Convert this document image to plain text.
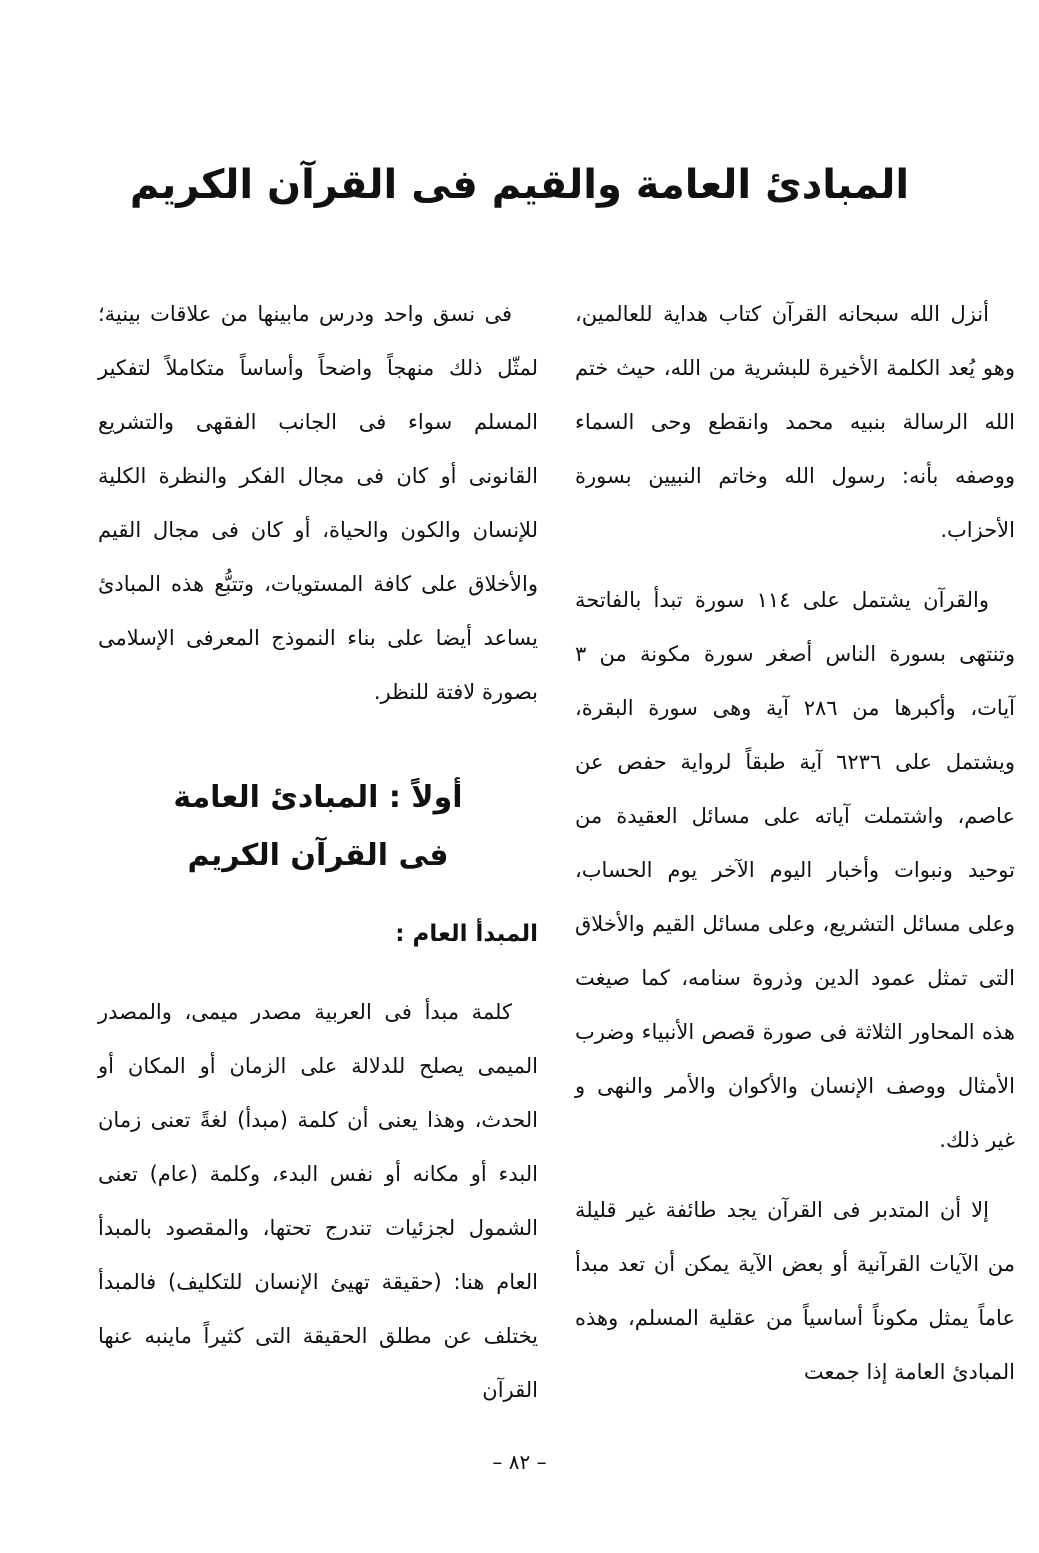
المبادئ العامة والقيم فى القرآن الكريم

أنزل الله سبحانه القرآن كتاب هداية للعالمين، وهو يُعد الكلمة الأخيرة للبشرية من الله، حيث ختم الله الرسالة بنبيه محمد وانقطع وحى السماء ووصفه بأنه: رسول الله وخاتم النبيين بسورة الأحزاب.

والقرآن يشتمل على ١١٤ سورة تبدأ بالفاتحة وتنتهى بسورة الناس أصغر سورة مكونة من ٣ آيات، وأكبرها من ٢٨٦ آية وهى سورة البقرة، ويشتمل على ٦٢٣٦ آية طبقاً لرواية حفص عن عاصم، واشتملت آياته على مسائل العقيدة من توحيد ونبوات وأخبار اليوم الآخر يوم الحساب، وعلى مسائل التشريع، وعلى مسائل القيم والأخلاق التى تمثل عمود الدين وذروة سنامه، كما صيغت هذه المحاور الثلاثة فى صورة قصص الأنبياء وضرب الأمثال ووصف الإنسان والأكوان والأمر والنهى و غير ذلك.

إلا أن المتدبر فى القرآن يجد طائفة غير قليلة من الآيات القرآنية أو بعض الآية يمكن أن تعد مبدأ عاماً يمثل مكوناً أساسياً من عقلية المسلم، وهذه المبادئ العامة إذا جمعت

فى نسق واحد ودرس مابينها من علاقات بينية؛ لمثّل ذلك منهجاً واضحاً وأساساً متكاملاً لتفكير المسلم سواء فى الجانب الفقهى والتشريع القانونى أو كان فى مجال الفكر والنظرة الكلية للإنسان والكون والحياة، أو كان فى مجال القيم والأخلاق على كافة المستويات، وتتبُّع هذه المبادئ يساعد أيضا على بناء النموذج المعرفى الإسلامى بصورة لافتة للنظر.

أولاً : المبادئ العامة
فى القرآن الكريم
المبدأ العام :

كلمة مبدأ فى العربية مصدر ميمى، والمصدر الميمى يصلح للدلالة على الزمان أو المكان أو الحدث، وهذا يعنى أن كلمة (مبدأ) لغةً تعنى زمان البدء أو مكانه أو نفس البدء، وكلمة (عام) تعنى الشمول لجزئيات تندرج تحتها، والمقصود بالمبدأ العام هنا: (حقيقة تهيئ الإنسان للتكليف) فالمبدأ يختلف عن مطلق الحقيقة التى كثيراً ماينبه عنها القرآن

– ٨٢ –
